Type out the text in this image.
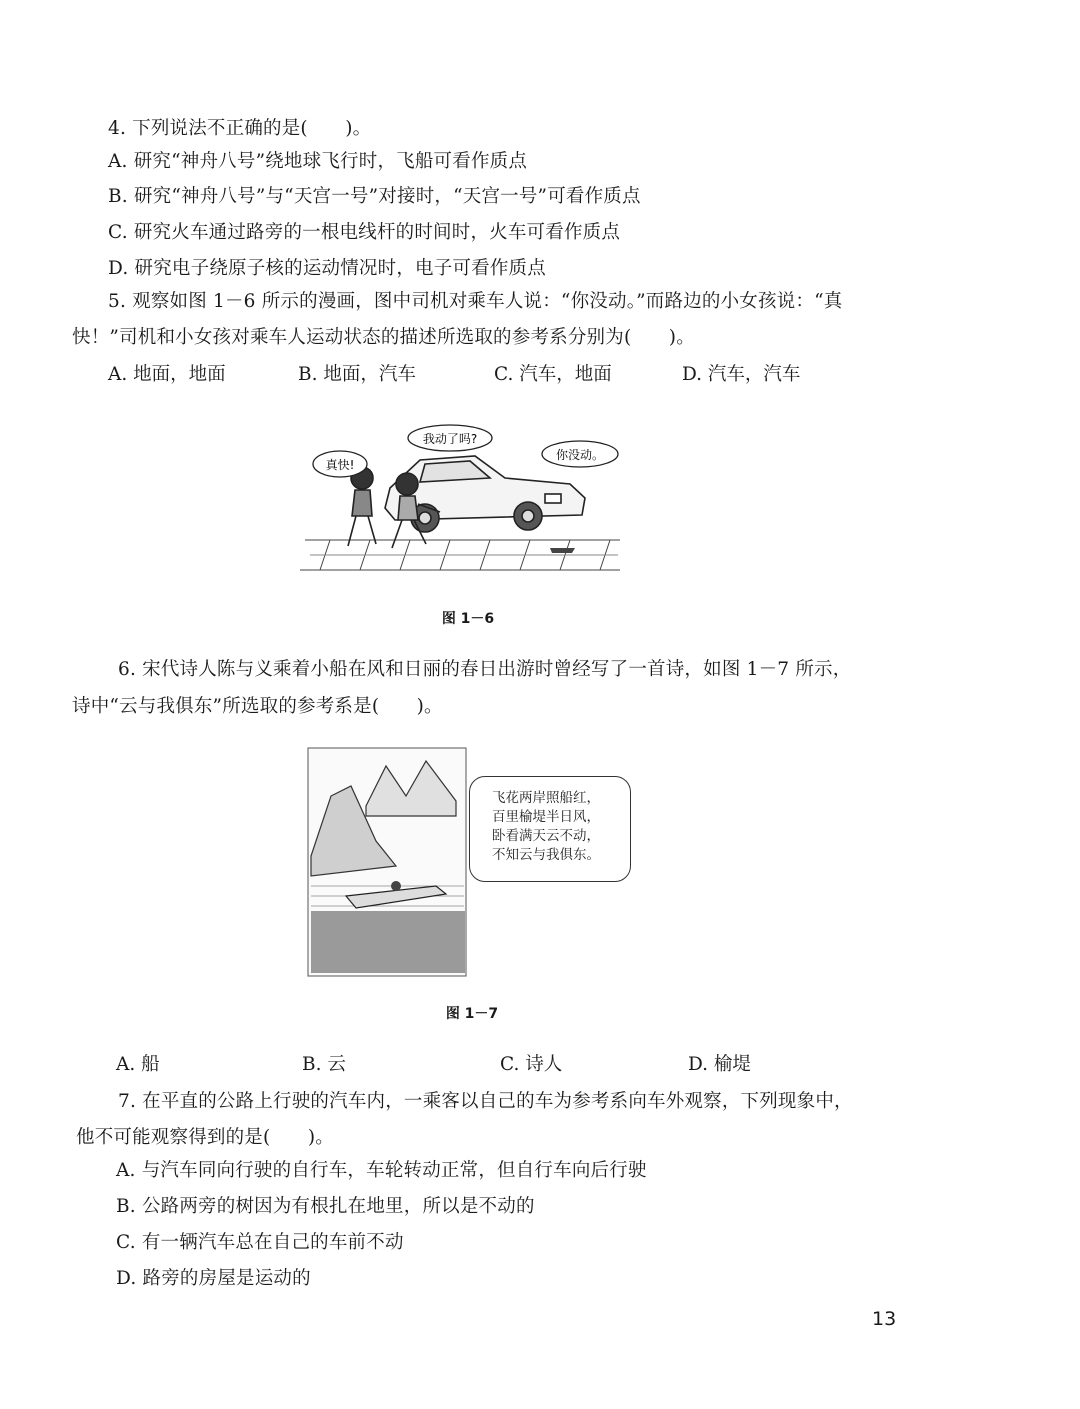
4. 下列说法不正确的是(　　)。
A. 研究“神舟八号”绕地球飞行时，飞船可看作质点
B. 研究“神舟八号”与“天宫一号”对接时，“天宫一号”可看作质点
C. 研究火车通过路旁的一根电线杆的时间时，火车可看作质点
D. 研究电子绕原子核的运动情况时，电子可看作质点
5. 观察如图 1－6 所示的漫画，图中司机对乘车人说：“你没动。”而路边的小女孩说：“真
快！”司机和小女孩对乘车人运动状态的描述所选取的参考系分别为(　　)。
A. 地面，地面	B. 地面，汽车	C. 汽车，地面	D. 汽车，汽车
我动了吗?
你没动。
真快!
图 1－6
6. 宋代诗人陈与义乘着小船在风和日丽的春日出游时曾经写了一首诗，如图 1－7 所示，
诗中“云与我俱东”所选取的参考系是(　　)。
飞花两岸照船红，
百里榆堤半日风，
卧看满天云不动，
不知云与我俱东。
图 1－7
A. 船	B. 云	C. 诗人	D. 榆堤
7. 在平直的公路上行驶的汽车内，一乘客以自己的车为参考系向车外观察，下列现象中，
他不可能观察得到的是(　　)。
A. 与汽车同向行驶的自行车，车轮转动正常，但自行车向后行驶
B. 公路两旁的树因为有根扎在地里，所以是不动的
C. 有一辆汽车总在自己的车前不动
D. 路旁的房屋是运动的
13
